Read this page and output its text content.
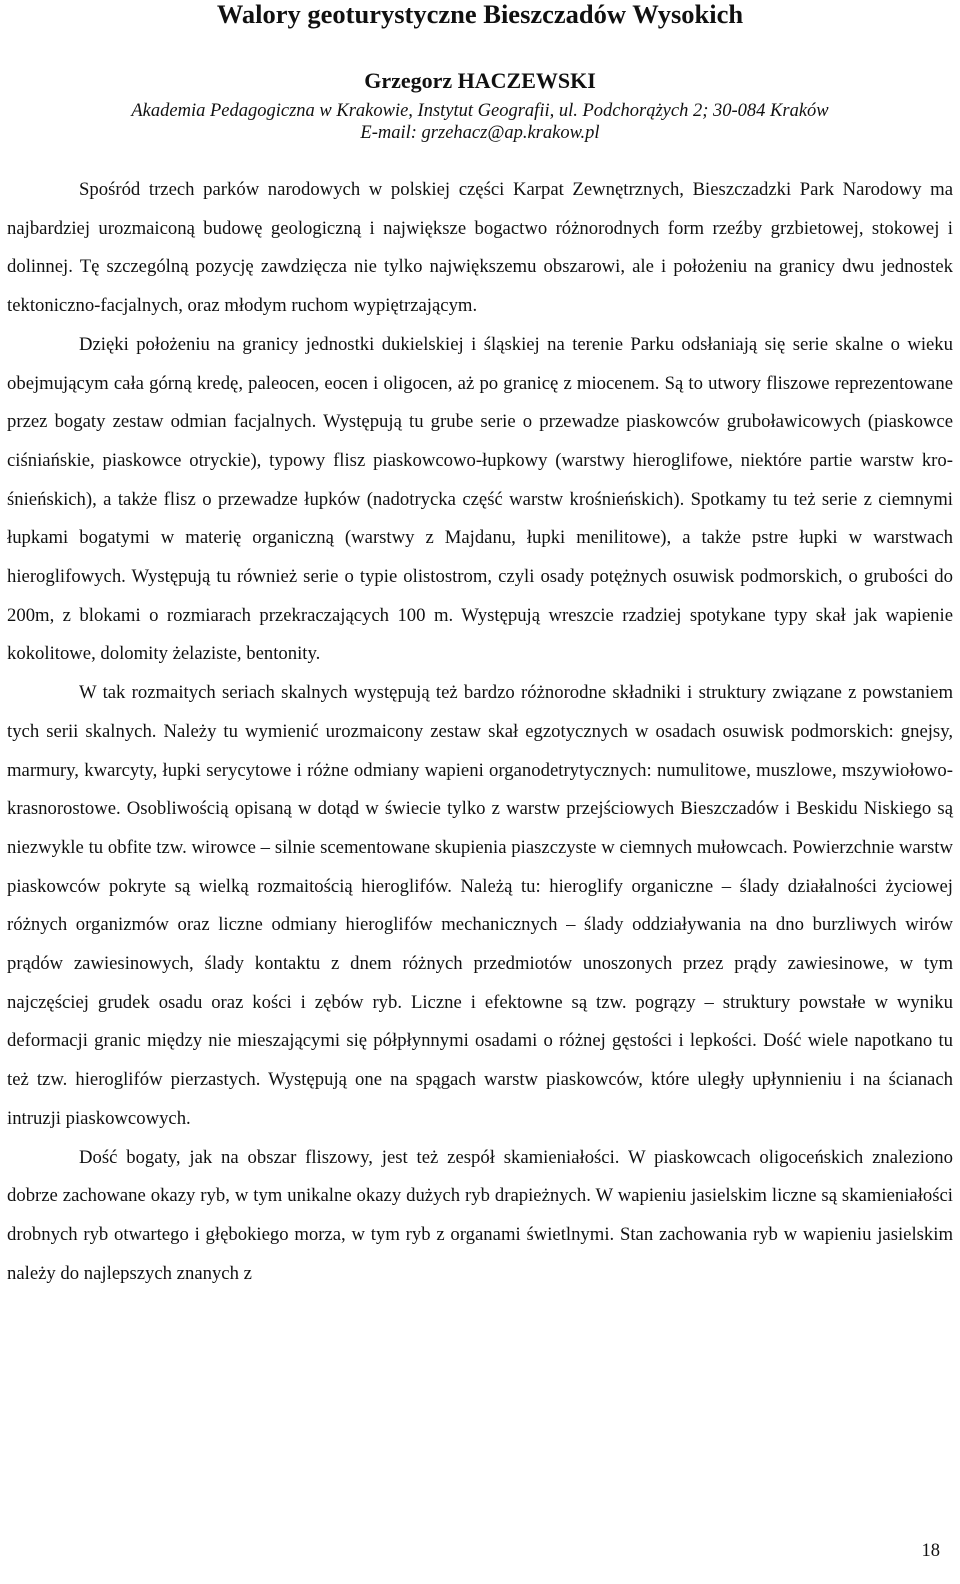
Walory geoturystyczne Bieszczadów Wysokich
Grzegorz HACZEWSKI
Akademia Pedagogiczna w Krakowie, Instytut Geografii, ul. Podchorążych 2; 30-084 Kraków
E-mail: grzehacz@ap.krakow.pl

Spośród trzech parków narodowych w polskiej części Karpat Zewnętrznych, Bieszczadzki Park Narodowy ma najbardziej urozmaiconą budowę geologiczną i największe bogactwo różnorodnych form rzeźby grzbietowej, stokowej i dolinnej. Tę szczególną pozycję zawdzięcza nie tylko największemu obszarowi, ale i położeniu na granicy dwu jednostek tektoniczno-facjalnych, oraz młodym ruchom wypiętrzającym.

Dzięki położeniu na granicy jednostki dukielskiej i śląskiej na terenie Parku odsłaniają się serie skalne o wieku obejmującym cała górną kredę, paleocen, eocen i oligocen, aż po granicę z miocenem. Są to utwory fliszowe reprezentowane przez bogaty zestaw odmian facjalnych. Występują tu grube serie o przewadze piaskowców gruboławicowych (piaskowce ciśniańskie, piaskowce otryckie), typowy flisz piaskowcowo-łupkowy (warstwy hieroglifowe, niektóre partie warstw krośnieńskich), a także flisz o przewadze łupków (nadotrycka część warstw krośnieńskich). Spotkamy tu też serie z ciemnymi łupkami bogatymi w materię organiczną (warstwy z Majdanu, łupki menilitowe), a także pstre łupki w warstwach hieroglifowych. Występują tu również serie o typie olistostrom, czyli osady potężnych osuwisk podmorskich, o grubości do 200m, z blokami o rozmiarach przekraczających 100 m. Występują wreszcie rzadziej spotykane typy skał jak wapienie kokolitowe, dolomity żelaziste, bentonity.

W tak rozmaitych seriach skalnych występują też bardzo różnorodne składniki i struktury związane z powstaniem tych serii skalnych. Należy tu wymienić urozmaicony zestaw skał egzotycznych w osadach osuwisk podmorskich: gnejsy, marmury, kwarcyty, łupki serycytowe i różne odmiany wapieni organodetrytycznych: numulitowe, muszlowe, mszywiołowo-krasnorostowe. Osobliwością opisaną w dotąd w świecie tylko z warstw przejściowych Bieszczadów i Beskidu Niskiego są niezwykle tu obfite tzw. wirowce – silnie scementowane skupienia piaszczyste w ciemnych mułowcach. Powierzchnie warstw piaskowców pokryte są wielką rozmaitością hieroglifów. Należą tu: hieroglify organiczne – ślady działalności życiowej różnych organizmów oraz liczne odmiany hieroglifów mechanicznych – ślady oddziaływania na dno burzliwych wirów prądów zawiesinowych, ślady kontaktu z dnem różnych przedmiotów unoszonych przez prądy zawiesinowe, w tym najczęściej grudek osadu oraz kości i zębów ryb. Liczne i efektowne są tzw. pogrązy – struktury powstałe w wyniku deformacji granic między nie mieszającymi się półpłynnymi osadami o różnej gęstości i lepkości. Dość wiele napotkano tu też tzw. hieroglifów pierzastych. Występują one na spągach warstw piaskowców, które uległy upłynnieniu i na ścianach intruzji piaskowcowych.

Dość bogaty, jak na obszar fliszowy, jest też zespół skamieniałości. W piaskowcach oligoceńskich znaleziono dobrze zachowane okazy ryb, w tym unikalne okazy dużych ryb drapieżnych. W wapieniu jasielskim liczne są skamieniałości drobnych ryb otwartego i głębokiego morza, w tym ryb z organami świetlnymi. Stan zachowania ryb w wapieniu jasielskim należy do najlepszych znanych z

18
